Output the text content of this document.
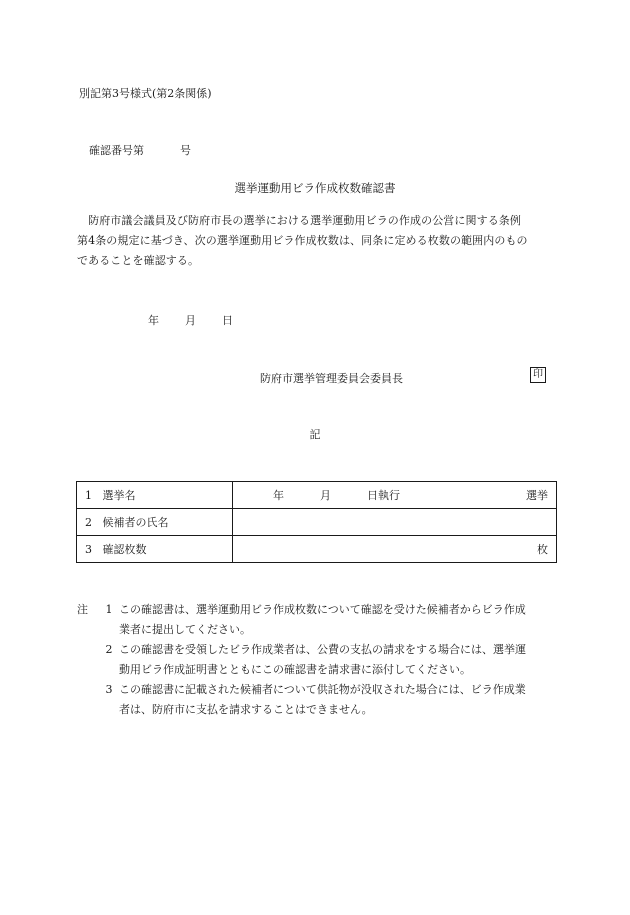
別記第3号様式(第2条関係)
確認番号第	号
選挙運動用ビラ作成枚数確認書
　防府市議会議員及び防府市長の選挙における選挙運動用ビラの作成の公営に関する条例
第4条の規定に基づき、次の選挙運動用ビラ作成枚数は、同条に定める枚数の範囲内のもの
であることを確認する。
年 月 日
防府市選挙管理委員会委員長	印
記
1 選挙名	年 月 日執行 選挙

2 候補者の氏名	
3 確認枚数	枚
注	1 この確認書は、選挙運動用ビラ作成枚数について確認を受けた候補者からビラ作成
業者に提出してください。
2 この確認書を受領したビラ作成業者は、公費の支払の請求をする場合には、選挙運
動用ビラ作成証明書とともにこの確認書を請求書に添付してください。
3 この確認書に記載された候補者について供託物が没収された場合には、ビラ作成業
者は、防府市に支払を請求することはできません。
